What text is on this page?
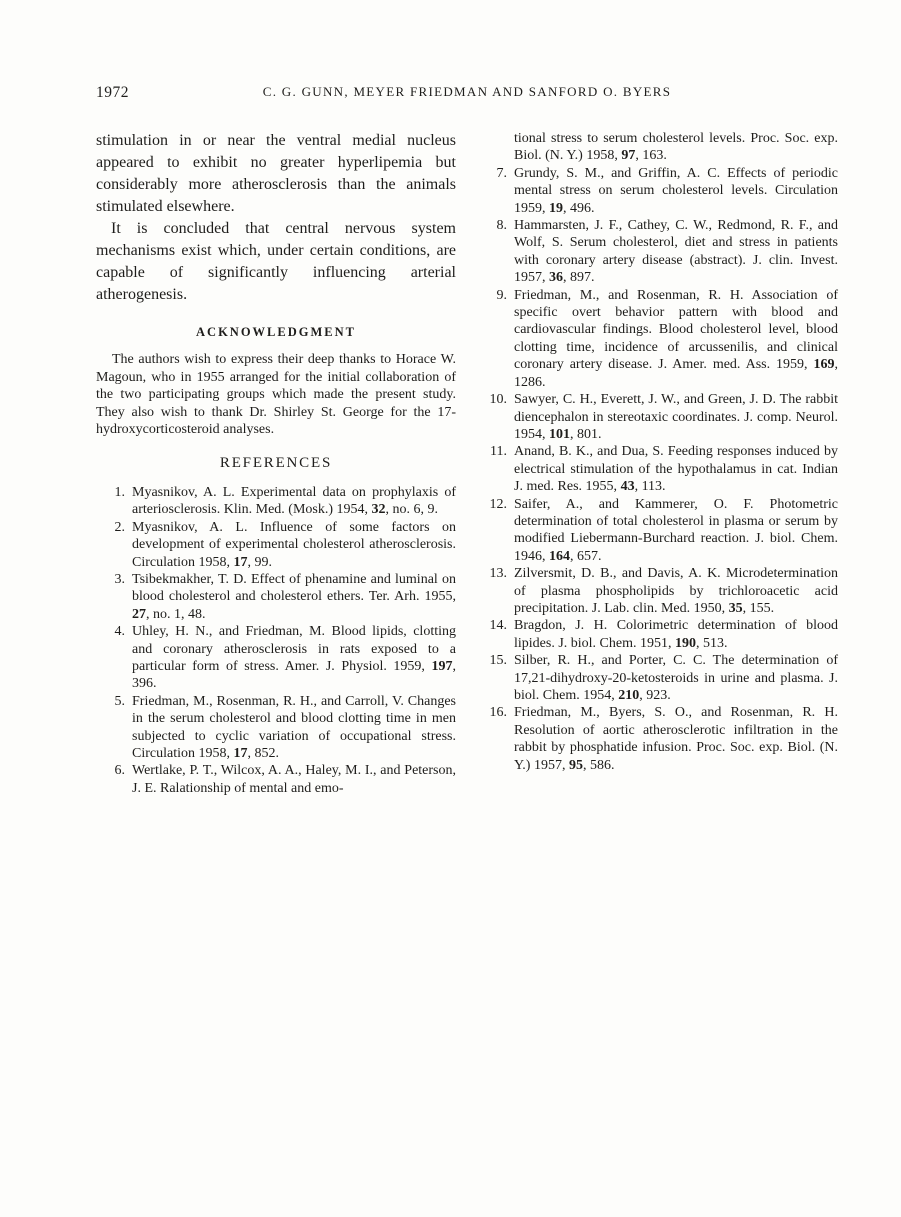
1972	C. G. GUNN, MEYER FRIEDMAN AND SANFORD O. BYERS

stimulation in or near the ventral medial nucleus appeared to exhibit no greater hyperlipemia but considerably more atherosclerosis than the animals stimulated elsewhere.

It is concluded that central nervous system mechanisms exist which, under certain conditions, are capable of significantly influencing arterial atherogenesis.

ACKNOWLEDGMENT

The authors wish to express their deep thanks to Horace W. Magoun, who in 1955 arranged for the initial collaboration of the two participating groups which made the present study. They also wish to thank Dr. Shirley St. George for the 17-hydroxycorticosteroid analyses.

REFERENCES
1. Myasnikov, A. L. Experimental data on prophylaxis of arteriosclerosis. Klin. Med. (Mosk.) 1954, 32, no. 6, 9.
2. Myasnikov, A. L. Influence of some factors on development of experimental cholesterol atherosclerosis. Circulation 1958, 17, 99.
3. Tsibekmakher, T. D. Effect of phenamine and luminal on blood cholesterol and cholesterol ethers. Ter. Arh. 1955, 27, no. 1, 48.
4. Uhley, H. N., and Friedman, M. Blood lipids, clotting and coronary atherosclerosis in rats exposed to a particular form of stress. Amer. J. Physiol. 1959, 197, 396.
5. Friedman, M., Rosenman, R. H., and Carroll, V. Changes in the serum cholesterol and blood clotting time in men subjected to cyclic variation of occupational stress. Circulation 1958, 17, 852.
6. Wertlake, P. T., Wilcox, A. A., Haley, M. I., and Peterson, J. E. Ralationship of mental and emo-
tional stress to serum cholesterol levels. Proc. Soc. exp. Biol. (N. Y.) 1958, 97, 163.
7. Grundy, S. M., and Griffin, A. C. Effects of periodic mental stress on serum cholesterol levels. Circulation 1959, 19, 496.
8. Hammarsten, J. F., Cathey, C. W., Redmond, R. F., and Wolf, S. Serum cholesterol, diet and stress in patients with coronary artery disease (abstract). J. clin. Invest. 1957, 36, 897.
9. Friedman, M., and Rosenman, R. H. Association of specific overt behavior pattern with blood and cardiovascular findings. Blood cholesterol level, blood clotting time, incidence of arcussenilis, and clinical coronary artery disease. J. Amer. med. Ass. 1959, 169, 1286.
10. Sawyer, C. H., Everett, J. W., and Green, J. D. The rabbit diencephalon in stereotaxic coordinates. J. comp. Neurol. 1954, 101, 801.
11. Anand, B. K., and Dua, S. Feeding responses induced by electrical stimulation of the hypothalamus in cat. Indian J. med. Res. 1955, 43, 113.
12. Saifer, A., and Kammerer, O. F. Photometric determination of total cholesterol in plasma or serum by modified Liebermann-Burchard reaction. J. biol. Chem. 1946, 164, 657.
13. Zilversmit, D. B., and Davis, A. K. Microdetermination of plasma phospholipids by trichloroacetic acid precipitation. J. Lab. clin. Med. 1950, 35, 155.
14. Bragdon, J. H. Colorimetric determination of blood lipides. J. biol. Chem. 1951, 190, 513.
15. Silber, R. H., and Porter, C. C. The determination of 17,21-dihydroxy-20-ketosteroids in urine and plasma. J. biol. Chem. 1954, 210, 923.
16. Friedman, M., Byers, S. O., and Rosenman, R. H. Resolution of aortic atherosclerotic infiltration in the rabbit by phosphatide infusion. Proc. Soc. exp. Biol. (N. Y.) 1957, 95, 586.
